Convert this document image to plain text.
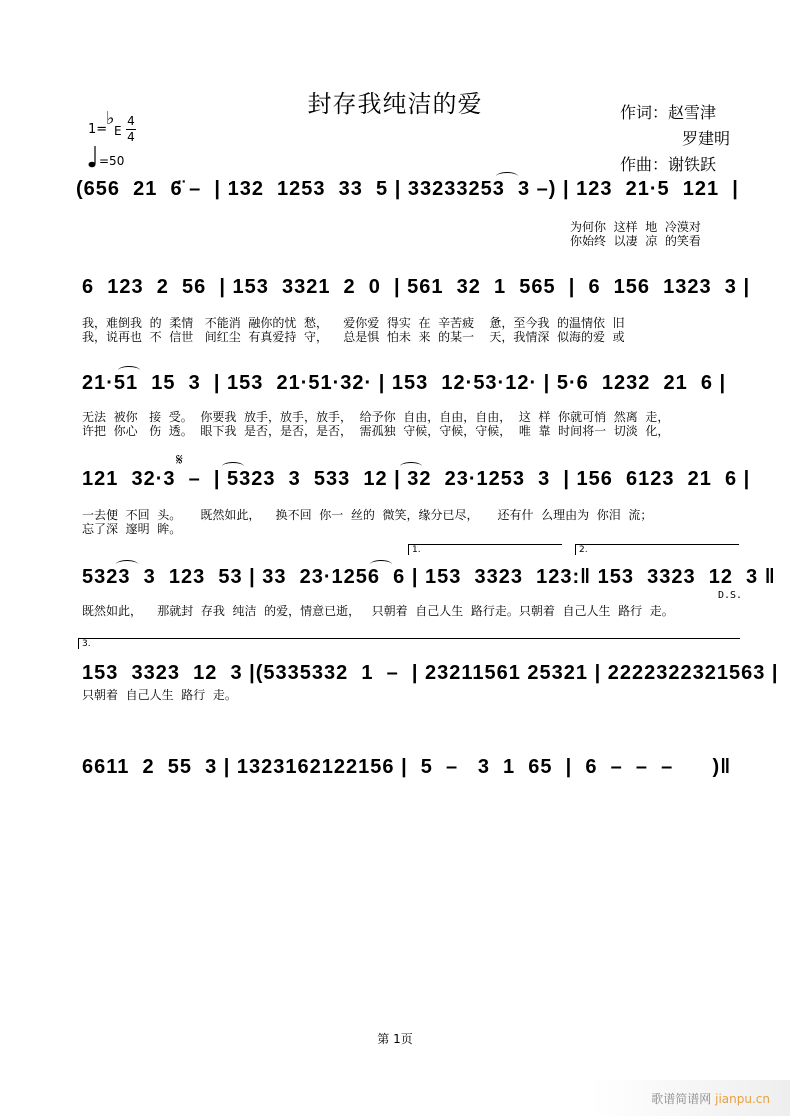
封存我纯洁的爱	作词：赵雪津
罗建明
作曲：谢铁跃
1=
♭
E
4
4
=50
(656  21  6̈ –  | 132  1253  33  5 | 33233253  3 –) | 123  21·5  121  |
为何你  这样  地  冷漠对
你始终  以凄  凉  的笑看
6  123  2  56  | 153  3321  2  0  | 561  32  1  565  |  6  156  1323  3 |
我，难倒我  的  柔情   不能消  融你的忧  愁，    爱你爱  得实  在  辛苦疲    惫，至今我  的温情依  旧
我，说再也  不  信世   间红尘  有真爱持  守，    总是惧  怕未  来  的某一    天，我情深  似海的爱  或
21·51  15  3  | 153  21·51·32· | 153  12·53·12· | 5·6  1232  21  6 |
无法  被你   接  受。  你要我  放手，放手，放手，  给予你  自由，自由，自由，  这  样  你就可悄  然离  走，
许把  你心   伤  透。  眼下我  是否，是否，是否，  需孤独  守候，守候，守候，  唯  靠  时间将一  切淡  化，
𝄋
121  32·3  –  | 5323  3  533  12 | 32  23·1253  3  | 156  6123  21  6 |
一去便  不回  头。     既然如此，    换不回  你一  丝的  微笑，缘分已尽，     还有什  么理由为  你泪  流；
忘了深  邃明  眸。
1.	2.
5323  3  123  53 | 33  23·1256  6 | 153  3323  123:‖ 153  3323  12  3 ‖
D.S.
既然如此，    那就封  存我  纯洁  的爱，情意已逝，   只朝着  自己人生  路行走。只朝着  自己人生  路行  走。
3.
153  3323  12  3 |(5335332  1  –  | 23211561 25321 | 2222322321563 |
只朝着  自己人生  路行  走。
6611  2  55  3 | 1323162122156 |  5  –   3  1  65  |  6  –  –  –      )‖
第 1页
歌谱简谱网 jianpu.cn
